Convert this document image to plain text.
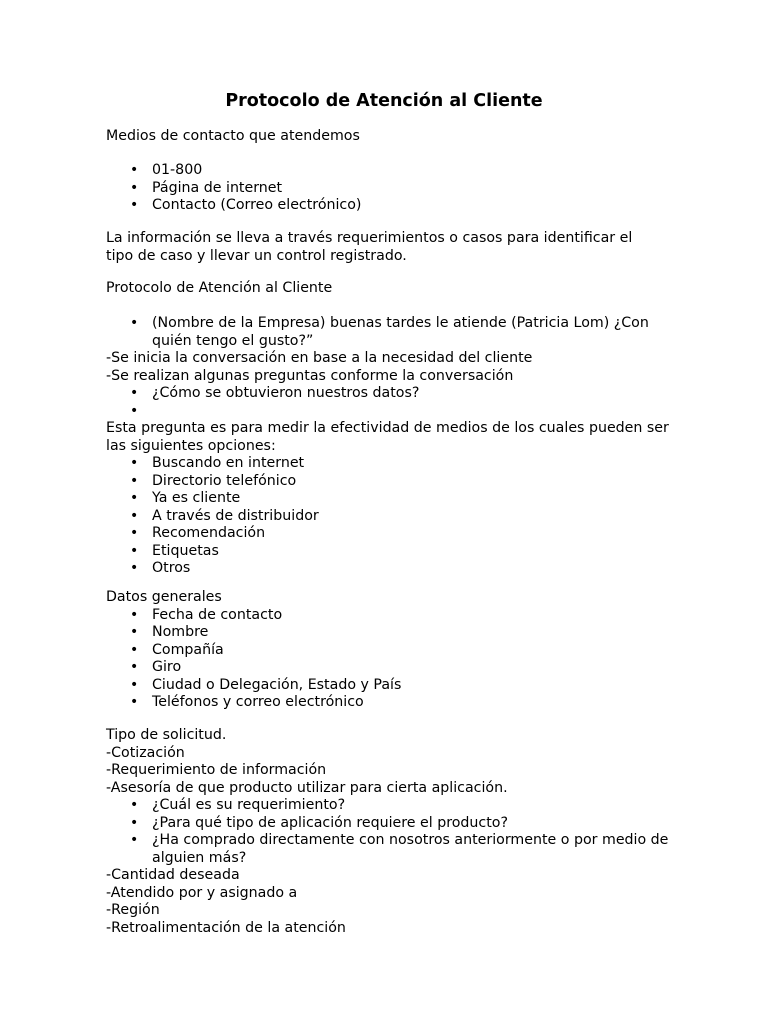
Protocolo de Atención al Cliente
Medios de contacto que atendemos
• 01-800
• Página de internet
• Contacto (Correo electrónico)
La información se lleva a través requerimientos o casos para identificar el
tipo de caso y llevar un control registrado.
Protocolo de Atención al Cliente
• (Nombre de la Empresa) buenas tardes le atiende (Patricia Lom) ¿Con
quién tengo el gusto?”
-Se inicia la conversación en base a la necesidad del cliente
-Se realizan algunas preguntas conforme la conversación
• ¿Cómo se obtuvieron nuestros datos?
•
Esta pregunta es para medir la efectividad de medios de los cuales pueden ser
las siguientes opciones:
• Buscando en internet
• Directorio telefónico
• Ya es cliente
• A través de distribuidor
• Recomendación
• Etiquetas
• Otros
Datos generales
• Fecha de contacto
• Nombre
• Compañía
• Giro
• Ciudad o Delegación, Estado y País
• Teléfonos y correo electrónico
Tipo de solicitud.
-Cotización
-Requerimiento de información
-Asesoría de que producto utilizar para cierta aplicación.
• ¿Cuál es su requerimiento?
• ¿Para qué tipo de aplicación requiere el producto?
• ¿Ha comprado directamente con nosotros anteriormente o por medio de
alguien más?
-Cantidad deseada
-Atendido por y asignado a
-Región
-Retroalimentación de la atención
